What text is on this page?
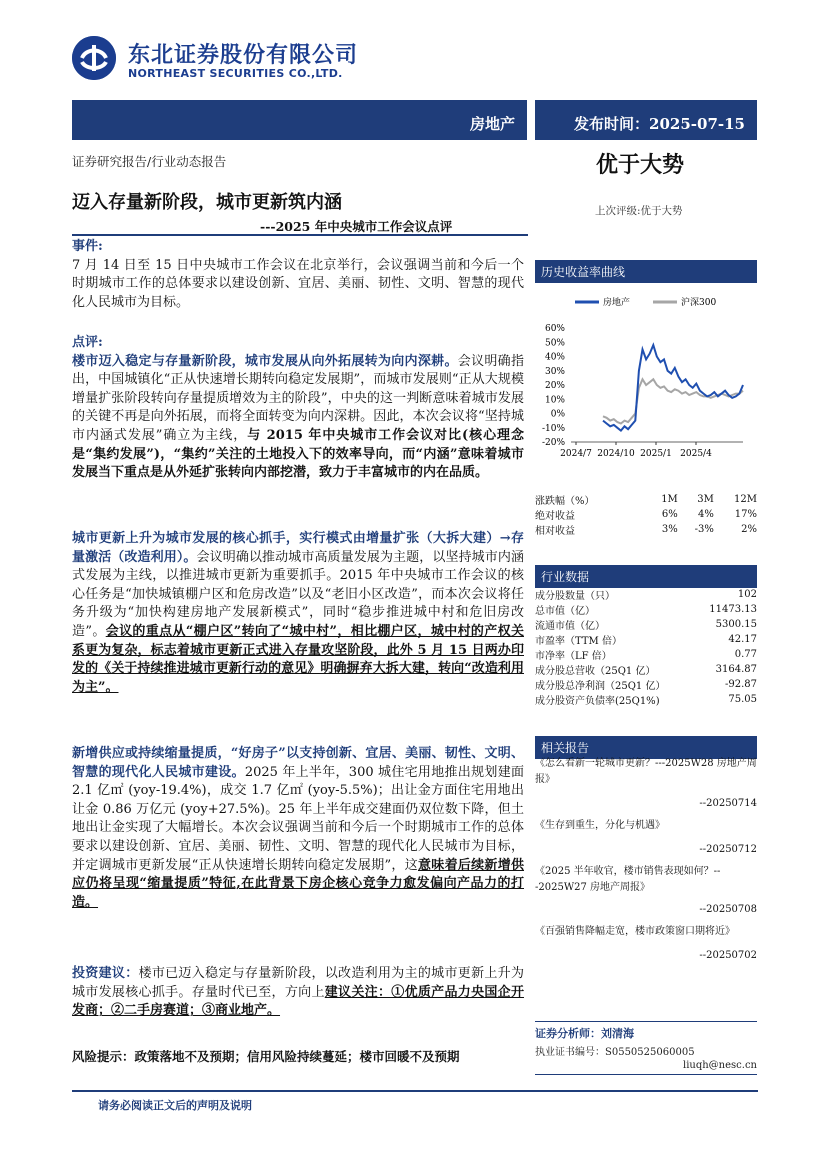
东北证券股份有限公司
NORTHEAST SECURITIES CO.,LTD.
房地产	发布时间：2025-07-15
证券研究报告/行业动态报告	优于大势
上次评级:优于大势
迈入存量新阶段，城市更新筑内涵
---2025 年中央城市工作会议点评

事件:

7 月 14 日至 15 日中央城市工作会议在北京举行，会议强调当前和今后一个时期城市工作的总体要求以建设创新、宜居、美丽、韧性、文明、智慧的现代化人民城市为目标。

点评:

楼市迈入稳定与存量新阶段，城市发展从向外拓展转为向内深耕。会议明确指出，中国城镇化“正从快速增长期转向稳定发展期”，而城市发展则“正从大规模增量扩张阶段转向存量提质增效为主的阶段”，中央的这一判断意味着城市发展的关键不再是向外拓展，而将全面转变为向内深耕。因此，本次会议将“坚持城市内涵式发展”确立为主线，与 2015 年中央城市工作会议对比(核心理念是“集约发展”)，“集约”关注的土地投入下的效率导向，而“内涵”意味着城市发展当下重点是从外延扩张转向内部挖潜，致力于丰富城市的内在品质。

城市更新上升为城市发展的核心抓手，实行模式由增量扩张（大拆大建）→存量激活（改造利用）。会议明确以推动城市高质量发展为主题，以坚持城市内涵式发展为主线，以推进城市更新为重要抓手。2015 年中央城市工作会议的核心任务是“加快城镇棚户区和危房改造”以及“老旧小区改造”，而本次会议将任务升级为“加快构建房地产发展新模式”，同时“稳步推进城中村和危旧房改造”。会议的重点从“棚户区”转向了“城中村”，相比棚户区，城中村的产权关系更为复杂，标志着城市更新正式进入存量攻坚阶段，此外 5 月 15 日两办印发的《关于持续推进城市更新行动的意见》明确摒弃大拆大建，转向“改造利用为主”。

新增供应或持续缩量提质，“好房子”以支持创新、宜居、美丽、韧性、文明、智慧的现代化人民城市建设。2025 年上半年，300 城住宅用地推出规划建面 2.1 亿㎡ (yoy-19.4%)，成交 1.7 亿㎡ (yoy-5.5%)；出让金方面住宅用地出让金 0.86 万亿元 (yoy+27.5%)。25 年上半年成交建面仍双位数下降，但土地出让金实现了大幅增长。本次会议强调当前和今后一个时期城市工作的总体要求以建设创新、宜居、美丽、韧性、文明、智慧的现代化人民城市为目标，并定调城市更新发展“正从快速增长期转向稳定发展期”，这意味着后续新增供应仍将呈现“缩量提质”特征,在此背景下房企核心竞争力愈发偏向产品力的打造。

投资建议：楼市已迈入稳定与存量新阶段，以改造利用为主的城市更新上升为城市发展核心抓手。存量时代已至，方向上建议关注：①优质产品力央国企开发商；②二手房赛道；③商业地产。

风险提示：政策落地不及预期；信用风险持续蔓延；楼市回暖不及预期
历史收益率曲线
房地产	沪深300
60%
50%
40%
30%
20%
10%
0%
-10%
-20%
2024/7 2024/10 2025/1 2025/4
涨跌幅（%）	1M	3M	12M
绝对收益	6%	4%	17%
相对收益	3%	-3%	2%
行业数据
成分股数量（只）	102
总市值（亿）	11473.13
流通市值（亿）	5300.15
市盈率（TTM 倍）	42.17
市净率（LF 倍）	0.77
成分股总营收（25Q1 亿）	3164.87
成分股总净利润（25Q1 亿）	-92.87
成分股资产负债率(25Q1%)	75.05
相关报告
《怎么看新一轮城市更新？---2025W28 房地产周报》
--20250714
《生存到重生，分化与机遇》
--20250712
《2025 半年收官，楼市销售表现如何？---2025W27 房地产周报》
--20250708
《百强销售降幅走宽，楼市政策窗口期将近》
--20250702
证券分析师：刘清海
执业证书编号：S0550525060005
liuqh@nesc.cn
请务必阅读正文后的声明及说明
